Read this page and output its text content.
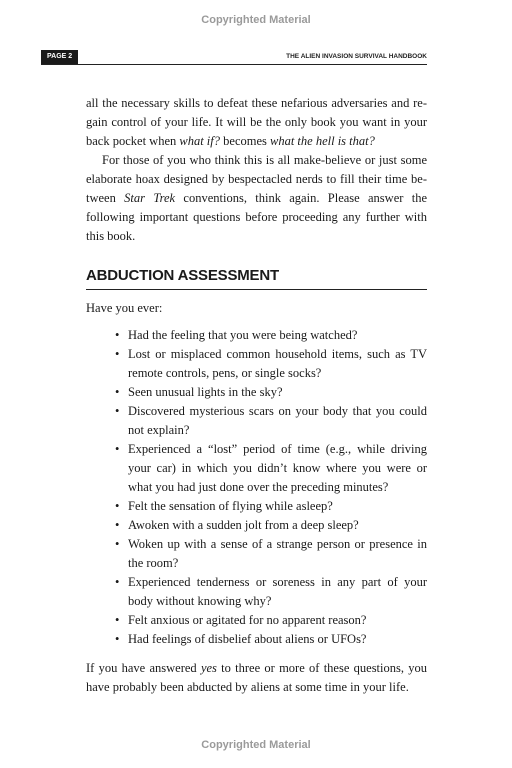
Copyrighted Material
PAGE 2	THE ALIEN INVASION SURVIVAL HANDBOOK

all the necessary skills to defeat these nefarious adversaries and re-gain control of your life. It will be the only book you want in your back pocket when what if? becomes what the hell is that?

For those of you who think this is all make-believe or just some elaborate hoax designed by bespectacled nerds to fill their time be-tween Star Trek conventions, think again. Please answer the following important questions before proceeding any further with this book.

ABDUCTION ASSESSMENT

Have you ever:

• Had the feeling that you were being watched?
• Lost or misplaced common household items, such as TV remote controls, pens, or single socks?
• Seen unusual lights in the sky?
• Discovered mysterious scars on your body that you could not explain?
• Experienced a “lost” period of time (e.g., while driving your car) in which you didn’t know where you were or what you had just done over the preceding minutes?
• Felt the sensation of flying while asleep?
• Awoken with a sudden jolt from a deep sleep?
• Woken up with a sense of a strange person or presence in the room?
• Experienced tenderness or soreness in any part of your body without knowing why?
• Felt anxious or agitated for no apparent reason?
• Had feelings of disbelief about aliens or UFOs?

If you have answered yes to three or more of these questions, you have probably been abducted by aliens at some time in your life.

Copyrighted Material
